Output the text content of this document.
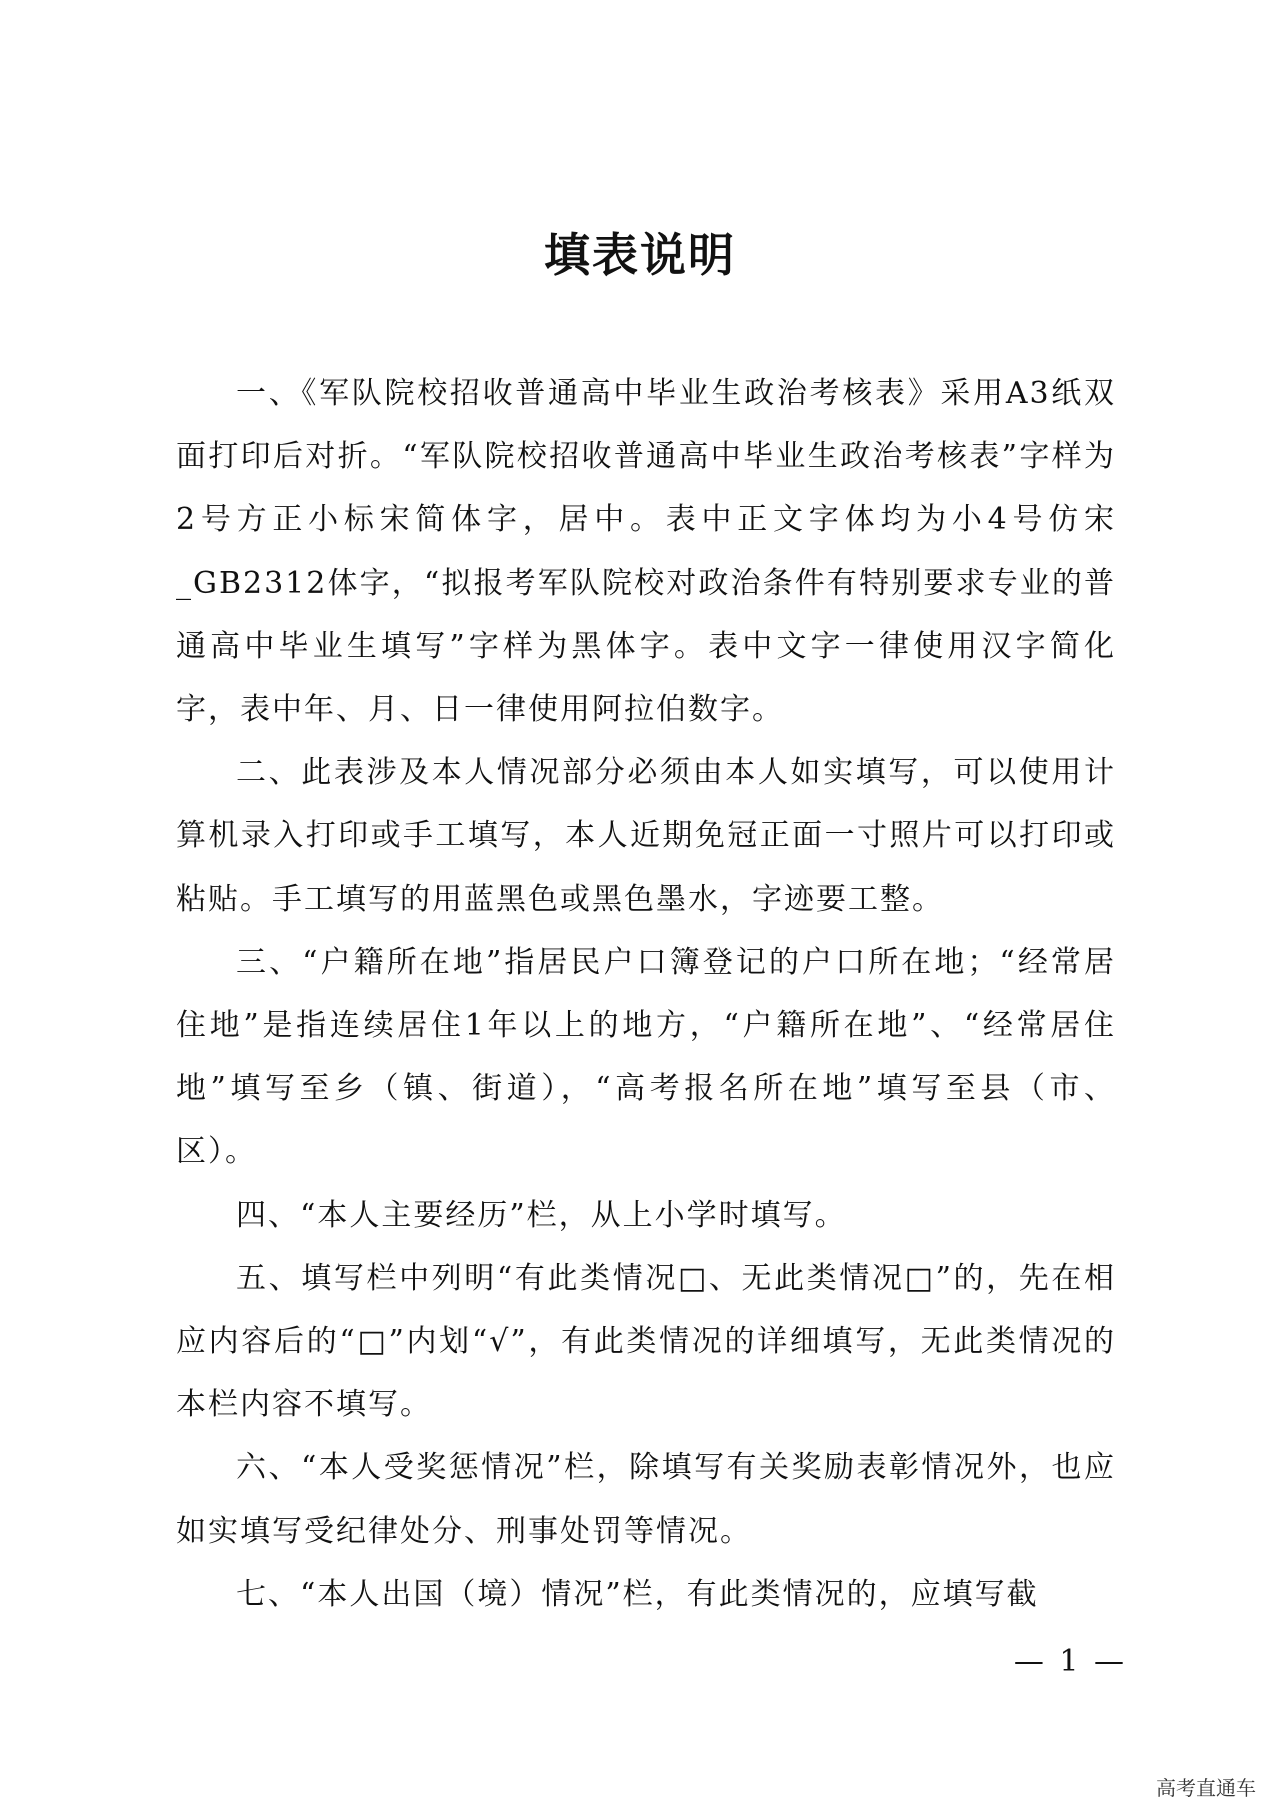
填表说明

一、《军队院校招收普通高中毕业生政治考核表》采用A3纸双面打印后对折。“军队院校招收普通高中毕业生政治考核表”字样为2号方正小标宋简体字，居中。表中正文字体均为小4号仿宋_GB2312体字，“拟报考军队院校对政治条件有特别要求专业的普通高中毕业生填写”字样为黑体字。表中文字一律使用汉字简化字，表中年、月、日一律使用阿拉伯数字。

二、此表涉及本人情况部分必须由本人如实填写，可以使用计算机录入打印或手工填写，本人近期免冠正面一寸照片可以打印或粘贴。手工填写的用蓝黑色或黑色墨水，字迹要工整。

三、“户籍所在地”指居民户口簿登记的户口所在地；“经常居住地”是指连续居住1年以上的地方，“户籍所在地”、“经常居住地”填写至乡（镇、街道），“高考报名所在地”填写至县（市、区）。

四、“本人主要经历”栏，从上小学时填写。

五、填写栏中列明“有此类情况□、无此类情况□”的，先在相应内容后的“□”内划“√”，有此类情况的详细填写，无此类情况的本栏内容不填写。

六、“本人受奖惩情况”栏，除填写有关奖励表彰情况外，也应如实填写受纪律处分、刑事处罚等情况。

七、“本人出国（境）情况”栏，有此类情况的，应填写截

— 1 —
高考直通车
